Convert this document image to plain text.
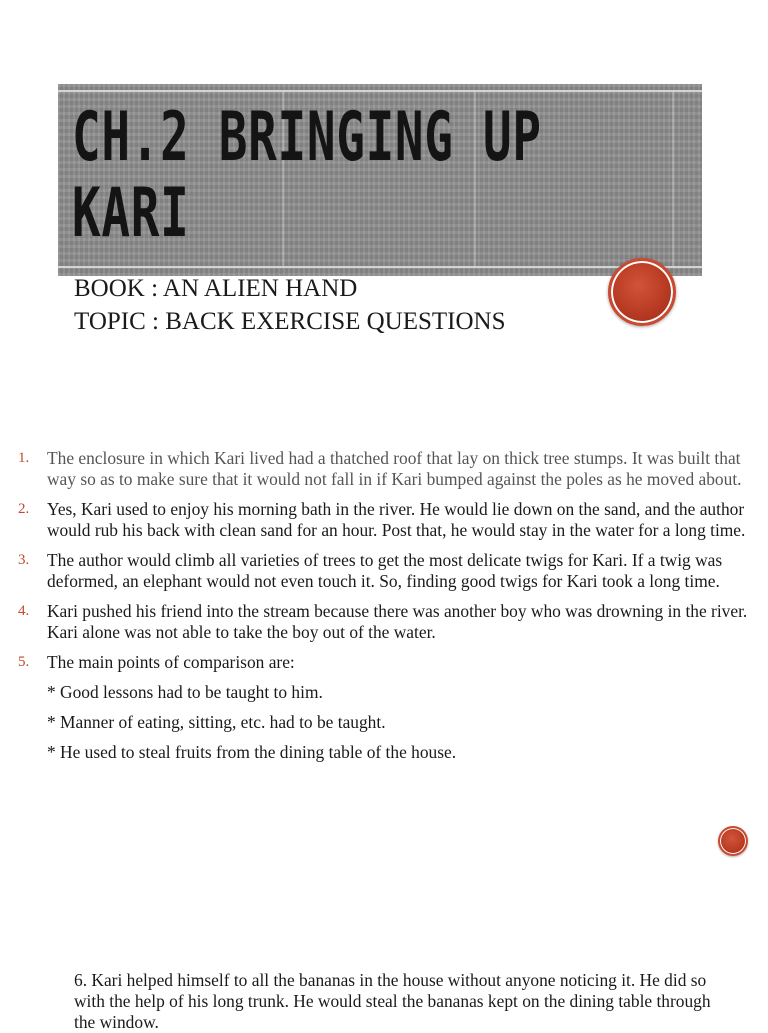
CH.2 BRINGING UP
KARI
BOOK : AN ALIEN HAND
TOPIC : BACK EXERCISE QUESTIONS
1. The enclosure in which Kari lived had a thatched roof that lay on thick tree stumps. It was built that way so as to make sure that it would not fall in if Kari bumped against the poles as he moved about.
2. Yes, Kari used to enjoy his morning bath in the river. He would lie down on the sand, and the author would rub his back with clean sand for an hour. Post that, he would stay in the water for a long time.
3. The author would climb all varieties of trees to get the most delicate twigs for Kari. If a twig was deformed, an elephant would not even touch it. So, finding good twigs for Kari took a long time.
4. Kari pushed his friend into the stream because there was another boy who was drowning in the river. Kari alone was not able to take the boy out of the water.
5. The main points of comparison are:
* Good lessons had to be taught to him.
* Manner of eating, sitting, etc. had to be taught.
* He used to steal fruits from the dining table of the house.
6. Kari helped himself to all the bananas in the house without anyone noticing it. He did so with the help of his long trunk. He would steal the bananas kept on the dining table through the window.
